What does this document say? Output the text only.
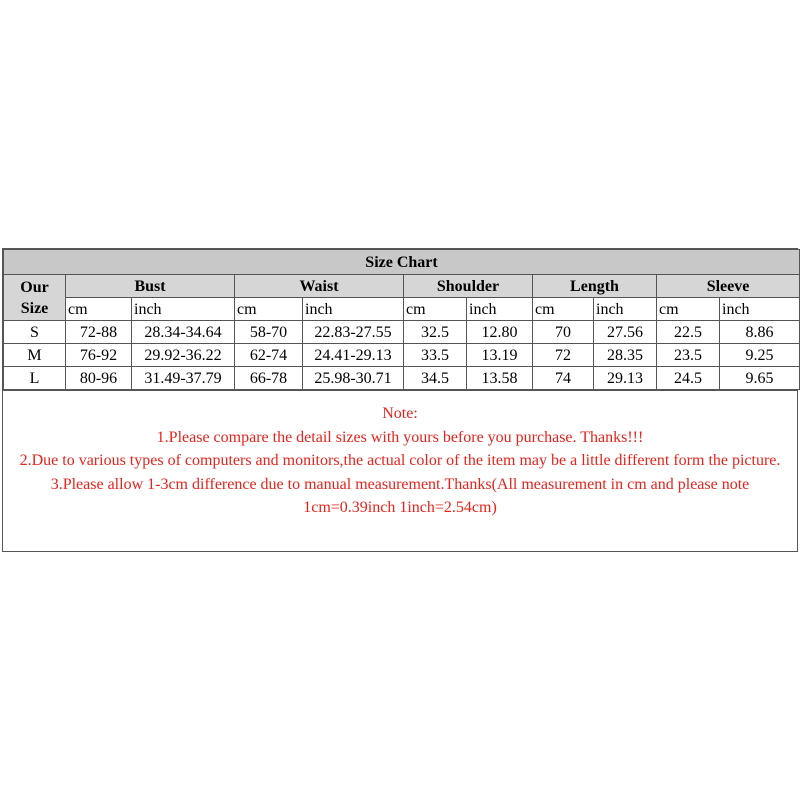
Size Chart										

Our
Size	Bust		Waist		Shoulder		Length		Sleeve	
	cm	inch	cm	inch	cm	inch	cm	inch	cm	inch
S	72-88	28.34-34.64	58-70	22.83-27.55	32.5	12.80	70	27.56	22.5	8.86
M	76-92	29.92-36.22	62-74	24.41-29.13	33.5	13.19	72	28.35	23.5	9.25
L	80-96	31.49-37.79	66-78	25.98-30.71	34.5	13.58	74	29.13	24.5	9.65
Note:
1.Please compare the detail sizes with yours before you purchase. Thanks!!!
2.Due to various types of computers and monitors,the actual color of the item may be a little different form the picture.
3.Please allow 1-3cm difference due to manual measurement.Thanks(All measurement in cm and please note 1cm=0.39inch 1inch=2.54cm)
